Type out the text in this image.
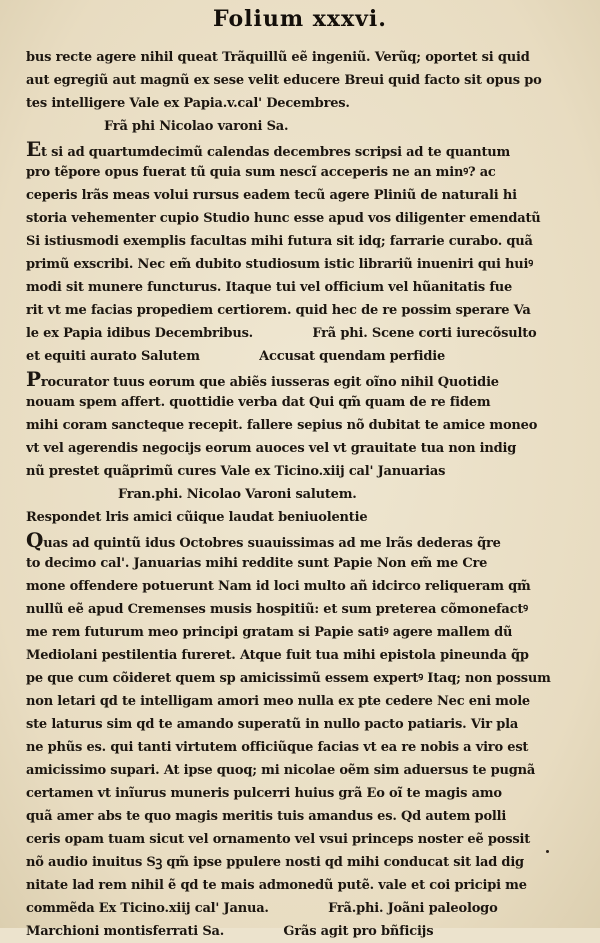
Folium xxxvi.
bus recte agere nihil queat Trãquillũ eẽ ingeniũ. Verũq; oportet si quid
aut egregiũ aut magnũ ex sese velit educere Breui quid facto sit opus po
tes intelligere Vale ex Papia.v.cal' Decembres.
Frã phi Nicolao varoni Sa.
Et si ad quartumdecimũ calendas decembres scripsi ad te quantum
pro tẽpore opus fuerat tũ quia sum nescĩ acceperis ne an minꝰ? ac
ceperis lrãs meas volui rursus eadem tecũ agere Pliniũ de naturali hi
storia vehementer cupio Studio hunc esse apud vos diligenter emendatũ
Si istiusmodi exemplis facultas mihi futura sit idq; farrarie curabo. quã
primũ exscribi. Nec em̃ dubito studiosum istic librariũ inueniri qui huiꝰ
modi sit munere functurus. Itaque tui vel officium vel hũanitatis fue
rit vt me facias propediem certiorem. quid hec de re possim sperare Va
le ex Papia idibus Decembribus.	Frã phi. Scene corti iurecõsulto
et equiti aurato Salutem	Accusat quendam perfidie
Procurator tuus eorum que abiẽs iusseras egit oĩno nihil Quotidie
nouam spem affert. quottidie verba dat Qui qm̃ quam de re fidem
mihi coram sancteque recepit. fallere sepius nõ dubitat te amice moneo
vt vel agerendis negocijs eorum auoces vel vt grauitate tua non indig
nũ prestet quãprimũ cures Vale ex Ticino.xiij cal' Januarias
Fran.phi. Nicolao Varoni salutem.
Respondet lris amici cũique laudat beniuolentie
Quas ad quintũ idus Octobres suauissimas ad me lrãs dederas q̃re
to decimo cal'. Januarias mihi reddite sunt Papie Non em̃ me Cre
mone offendere potuerunt Nam id loci multo añ idcirco reliqueram qm̃
nullũ eẽ apud Cremenses musis hospitiũ: et sum preterea cõmonefactꝰ
me rem futurum meo principi gratam si Papie satiꝰ agere mallem dũ
Mediolani pestilentia fureret. Atque fuit tua mihi epistola pineunda q̃p
pe que cum cõideret quem sp amicissimũ essem expertꝰ Itaq; non possum
non letari qd te intelligam amori meo nulla ex pte cedere Nec eni mole
ste laturus sim qd te amando superatũ in nullo pacto patiaris. Vir pla
ne phũs es. qui tanti virtutem officiũque facias vt ea re nobis a viro est
amicissimo supari. At ipse quoq; mi nicolae oẽm sim aduersus te pugnã
certamen vt inĩurus muneris pulcerri huius grã Eo oĩ te magis amo
quã amer abs te quo magis meritis tuis amandus es. Qd autem polli
ceris opam tuam sicut vel ornamento vel vsui princeps noster eẽ possit
nõ audio inuitus Sꝫ qm̃ ipse ppulere nosti qd mihi conducat sit lad dig
nitate lad rem nihil ẽ qd te mais admonedũ putẽ. vale et coi pricipi me
commẽda Ex Ticino.xiij cal' Janua.	Frã.phi. Joãni paleologo
Marchioni montisferrati Sa.	Grãs agit pro bñficijs
